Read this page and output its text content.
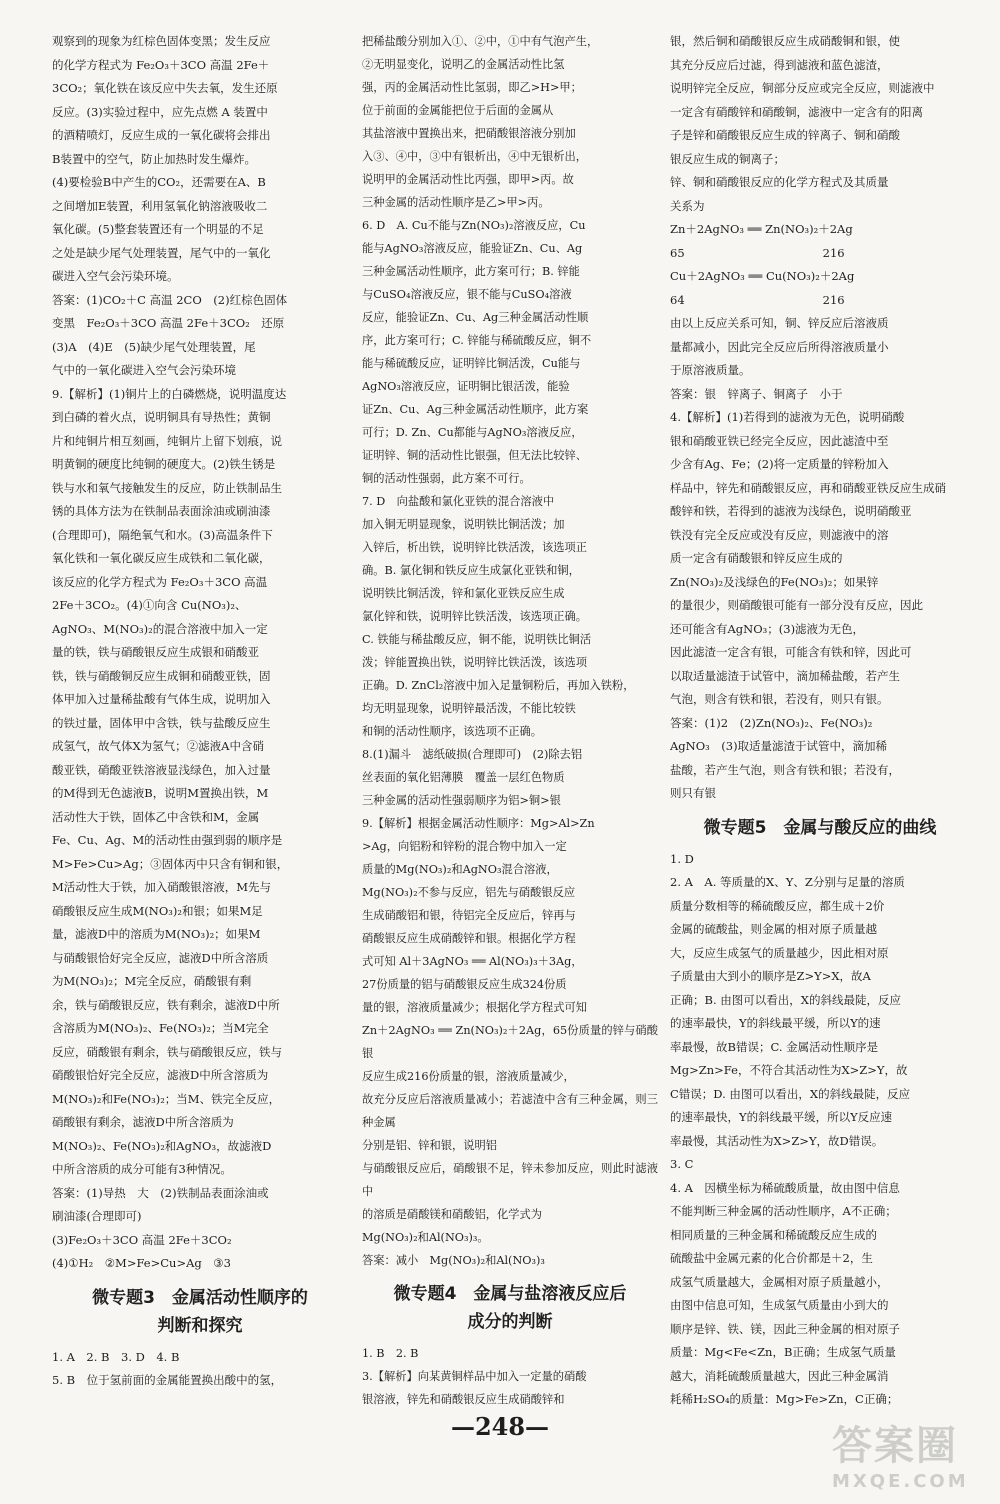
观察到的现象为红棕色固体变黑；发生反应

的化学方程式为 Fe₂O₃＋3CO 高温 2Fe＋

3CO₂；氧化铁在该反应中失去氧，发生还原

反应。(3)实验过程中，应先点燃 A 装置中

的酒精喷灯，反应生成的一氧化碳将会排出

B装置中的空气，防止加热时发生爆炸。

(4)要检验B中产生的CO₂，还需要在A、B

之间增加E装置，利用氢氧化钠溶液吸收二

氧化碳。(5)整套装置还有一个明显的不足

之处是缺少尾气处理装置，尾气中的一氧化

碳进入空气会污染环境。

答案：(1)CO₂＋C 高温 2CO　(2)红棕色固体

变黑　Fe₂O₃＋3CO 高温 2Fe＋3CO₂　还原

(3)A　(4)E　(5)缺少尾气处理装置，尾

气中的一氧化碳进入空气会污染环境

9.【解析】(1)铜片上的白磷燃烧，说明温度达

到白磷的着火点，说明铜具有导热性；黄铜

片和纯铜片相互刻画，纯铜片上留下划痕，说

明黄铜的硬度比纯铜的硬度大。(2)铁生锈是

铁与水和氧气接触发生的反应，防止铁制品生

锈的具体方法为在铁制品表面涂油或刷油漆

(合理即可)，隔绝氧气和水。(3)高温条件下

氧化铁和一氧化碳反应生成铁和二氧化碳，

该反应的化学方程式为 Fe₂O₃＋3CO 高温

2Fe＋3CO₂。(4)①向含 Cu(NO₃)₂、

AgNO₃、M(NO₃)₂的混合溶液中加入一定

量的铁，铁与硝酸银反应生成银和硝酸亚

铁，铁与硝酸铜反应生成铜和硝酸亚铁，固

体甲加入过量稀盐酸有气体生成，说明加入

的铁过量，固体甲中含铁，铁与盐酸反应生

成氢气，故气体X为氢气；②滤液A中含硝

酸亚铁，硝酸亚铁溶液显浅绿色，加入过量

的M得到无色滤液B，说明M置换出铁，M

活动性大于铁，固体乙中含铁和M，金属

Fe、Cu、Ag、M的活动性由强到弱的顺序是

M>Fe>Cu>Ag；③固体丙中只含有铜和银，

M活动性大于铁，加入硝酸银溶液，M先与

硝酸银反应生成M(NO₃)₂和银；如果M足

量，滤液D中的溶质为M(NO₃)₂；如果M

与硝酸银恰好完全反应，滤液D中所含溶质

为M(NO₃)₂；M完全反应，硝酸银有剩

余，铁与硝酸银反应，铁有剩余，滤液D中所

含溶质为M(NO₃)₂、Fe(NO₃)₂；当M完全

反应，硝酸银有剩余，铁与硝酸银反应，铁与

硝酸银恰好完全反应，滤液D中所含溶质为

M(NO₃)₂和Fe(NO₃)₂；当M、铁完全反应，

硝酸银有剩余，滤液D中所含溶质为

M(NO₃)₂、Fe(NO₃)₂和AgNO₃，故滤液D

中所含溶质的成分可能有3种情况。

答案：(1)导热　大　(2)铁制品表面涂油或

刷油漆(合理即可)

(3)Fe₂O₃＋3CO 高温 2Fe＋3CO₂

(4)①H₂　②M>Fe>Cu>Ag　③3

微专题3　金属活动性顺序的
判断和探究

1. A　2. B　3. D　4. B

5. B　位于氢前面的金属能置换出酸中的氢，

把稀盐酸分别加入①、②中，①中有气泡产生，

②无明显变化，说明乙的金属活动性比氢

强，丙的金属活动性比氢弱，即乙>H>甲；

位于前面的金属能把位于后面的金属从

其盐溶液中置换出来，把硝酸银溶液分别加

入③、④中，③中有银析出，④中无银析出，

说明甲的金属活动性比丙强，即甲>丙。故

三种金属的活动性顺序是乙>甲>丙。

6. D　A. Cu不能与Zn(NO₃)₂溶液反应，Cu

能与AgNO₃溶液反应，能验证Zn、Cu、Ag

三种金属活动性顺序，此方案可行；B. 锌能

与CuSO₄溶液反应，银不能与CuSO₄溶液

反应，能验证Zn、Cu、Ag三种金属活动性顺

序，此方案可行；C. 锌能与稀硫酸反应，铜不

能与稀硫酸反应，证明锌比铜活泼，Cu能与

AgNO₃溶液反应，证明铜比银活泼，能验

证Zn、Cu、Ag三种金属活动性顺序，此方案

可行；D. Zn、Cu都能与AgNO₃溶液反应，

证明锌、铜的活动性比银强，但无法比较锌、

铜的活动性强弱，此方案不可行。

7. D　向盐酸和氯化亚铁的混合溶液中

加入铜无明显现象，说明铁比铜活泼；加

入锌后，析出铁，说明锌比铁活泼，该选项正

确。B. 氯化铜和铁反应生成氯化亚铁和铜，

说明铁比铜活泼，锌和氯化亚铁反应生成

氯化锌和铁，说明锌比铁活泼，该选项正确。

C. 铁能与稀盐酸反应，铜不能，说明铁比铜活

泼；锌能置换出铁，说明锌比铁活泼，该选项

正确。D. ZnCl₂溶液中加入足量铜粉后，再加入铁粉，

均无明显现象，说明锌最活泼，不能比较铁

和铜的活动性顺序，该选项不正确。

8.(1)漏斗　滤纸破损(合理即可)　(2)除去铝

丝表面的氧化铝薄膜　覆盖一层红色物质

三种金属的活动性强弱顺序为铝>铜>银

9.【解析】根据金属活动性顺序：Mg>Al>Zn

>Ag，向铝粉和锌粉的混合物中加入一定

质量的Mg(NO₃)₂和AgNO₃混合溶液，

Mg(NO₃)₂不参与反应，铝先与硝酸银反应

生成硝酸铝和银，待铝完全反应后，锌再与

硝酸银反应生成硝酸锌和银。根据化学方程

式可知 Al＋3AgNO₃ ══ Al(NO₃)₃＋3Ag，

27份质量的铝与硝酸银反应生成324份质

量的银，溶液质量减少；根据化学方程式可知

Zn＋2AgNO₃ ══ Zn(NO₃)₂＋2Ag，65份质量的锌与硝酸银

反应生成216份质量的银，溶液质量减少，

故充分反应后溶液质量减小；若滤渣中含有三种金属，则三种金属

分别是铝、锌和银，说明铝

与硝酸银反应后，硝酸银不足，锌未参加反应，则此时滤液中

的溶质是硝酸镁和硝酸铝，化学式为

Mg(NO₃)₂和Al(NO₃)₃。

答案：减小　Mg(NO₃)₂和Al(NO₃)₃

微专题4　金属与盐溶液反应后
成分的判断

1. B　2. B

3.【解析】向某黄铜样品中加入一定量的硝酸

银溶液，锌先和硝酸银反应生成硝酸锌和

银，然后铜和硝酸银反应生成硝酸铜和银，使

其充分反应后过滤，得到滤液和蓝色滤渣，

说明锌完全反应，铜部分反应或完全反应，则滤液中

一定含有硝酸锌和硝酸铜，滤液中一定含有的阳离

子是锌和硝酸银反应生成的锌离子、铜和硝酸

银反应生成的铜离子；

锌、铜和硝酸银反应的化学方程式及其质量

关系为

Zn＋2AgNO₃ ══ Zn(NO₃)₂＋2Ag

65　　　　　　　　　　　　216

Cu＋2AgNO₃ ══ Cu(NO₃)₂＋2Ag

64　　　　　　　　　　　　216

由以上反应关系可知，铜、锌反应后溶液质

量都减小，因此完全反应后所得溶液质量小

于原溶液质量。

答案：银　锌离子、铜离子　小于

4.【解析】(1)若得到的滤液为无色，说明硝酸

银和硝酸亚铁已经完全反应，因此滤渣中至

少含有Ag、Fe；(2)将一定质量的锌粉加入

样品中，锌先和硝酸银反应，再和硝酸亚铁反应生成硝

酸锌和铁，若得到的滤液为浅绿色，说明硝酸亚

铁没有完全反应或没有反应，则滤液中的溶

质一定含有硝酸银和锌反应生成的

Zn(NO₃)₂及浅绿色的Fe(NO₃)₂；如果锌

的量很少，则硝酸银可能有一部分没有反应，因此

还可能含有AgNO₃；(3)滤液为无色，

因此滤渣一定含有银，可能含有铁和锌，因此可

以取适量滤渣于试管中，滴加稀盐酸，若产生

气泡，则含有铁和银，若没有，则只有银。

答案：(1)2　(2)Zn(NO₃)₂、Fe(NO₃)₂

AgNO₃　(3)取适量滤渣于试管中，滴加稀

盐酸，若产生气泡，则含有铁和银；若没有，

则只有银

微专题5　金属与酸反应的曲线

1. D

2. A　A. 等质量的X、Y、Z分别与足量的溶质

质量分数相等的稀硫酸反应，都生成＋2价

金属的硫酸盐，则金属的相对原子质量越

大，反应生成氢气的质量越少，因此相对原

子质量由大到小的顺序是Z>Y>X，故A

正确；B. 由图可以看出，X的斜线最陡，反应

的速率最快，Y的斜线最平缓，所以Y的速

率最慢，故B错误；C. 金属活动性顺序是

Mg>Zn>Fe，不符合其活动性为X>Z>Y，故

C错误；D. 由图可以看出，X的斜线最陡，反应

的速率最快，Y的斜线最平缓，所以Y反应速

率最慢，其活动性为X>Z>Y，故D错误。

3. C

4. A　因横坐标为稀硫酸质量，故由图中信息

不能判断三种金属的活动性顺序，A不正确；

相同质量的三种金属和稀硫酸反应生成的

硫酸盐中金属元素的化合价都是＋2，生

成氢气质量越大，金属相对原子质量越小，

由图中信息可知，生成氢气质量由小到大的

顺序是锌、铁、镁，因此三种金属的相对原子

质量：Mg<Fe<Zn，B正确；生成氢气质量

越大，消耗硫酸质量越大，因此三种金属消

耗稀H₂SO₄的质量：Mg>Fe>Zn，C正确；

—248—	答案圈
MXQE.COM
